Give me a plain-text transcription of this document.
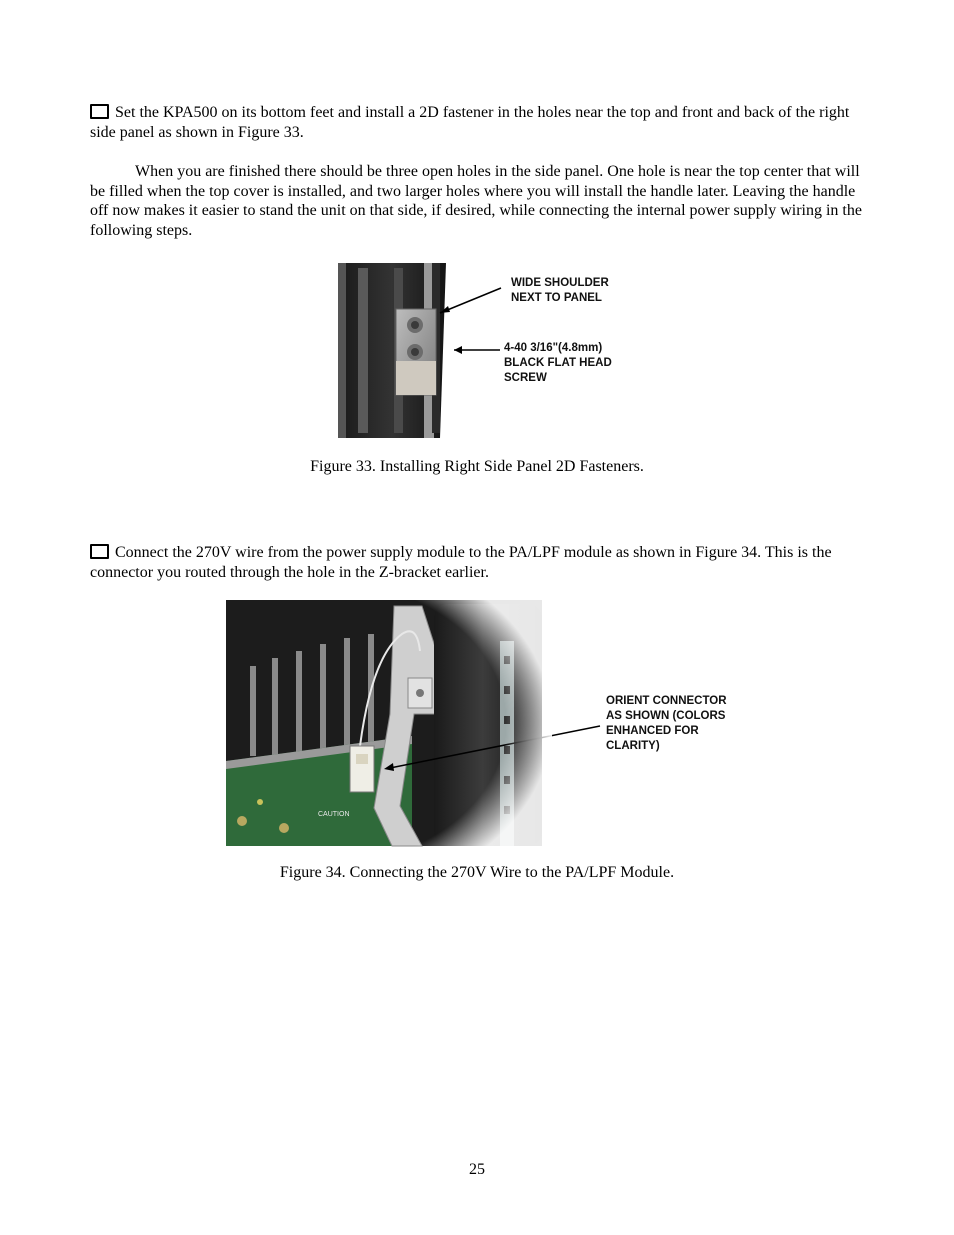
Set the KPA500 on its bottom feet and install a 2D fastener in the holes near the top and front and back of the right side panel as shown in Figure 33.

When you are finished there should be three open holes in the side panel. One hole is near the top center that will be filled when the top cover is installed, and two larger holes where you will install the handle later. Leaving the handle off now makes it easier to stand the unit on that side, if desired, while connecting the internal power supply wiring in the following steps.

WIDE SHOULDER NEXT TO PANEL
4-40 3/16"(4.8mm) BLACK FLAT HEAD SCREW

Figure 33. Installing Right Side Panel 2D Fasteners.

Connect the 270V wire from the power supply module to the PA/LPF module as shown in Figure 34. This is the connector you routed through the hole in the Z-bracket earlier.

ORIENT CONNECTOR AS SHOWN (COLORS ENHANCED FOR CLARITY)

Figure 34. Connecting the 270V Wire to the PA/LPF Module.

25
